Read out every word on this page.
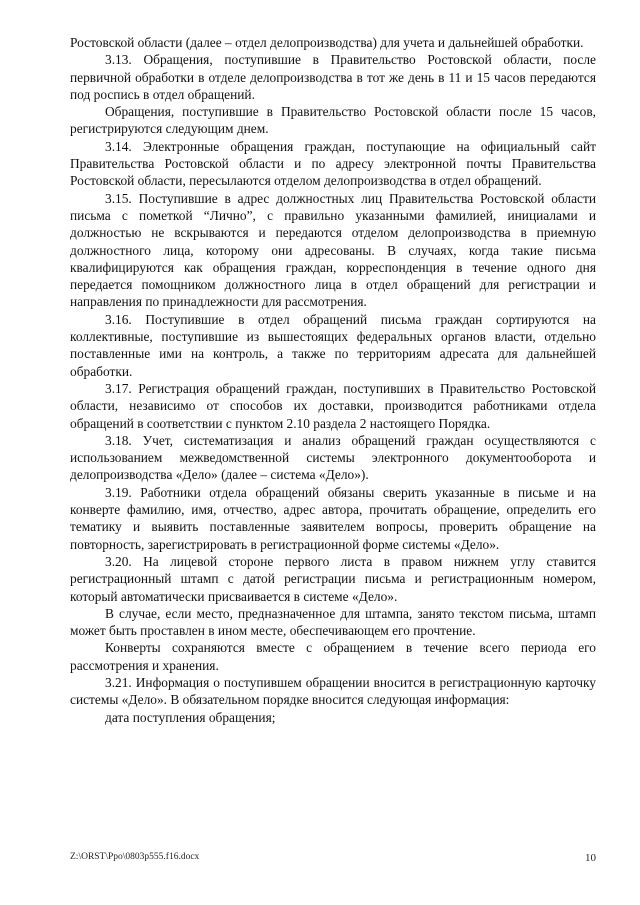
Ростовской области (далее – отдел делопроизводства) для учета и дальнейшей обработки.

3.13. Обращения, поступившие в Правительство Ростовской области, после первичной обработки в отделе делопроизводства в тот же день в 11 и 15 часов передаются под роспись в отдел обращений.

Обращения, поступившие в Правительство Ростовской области после 15 часов, регистрируются следующим днем.

3.14. Электронные обращения граждан, поступающие на официальный сайт Правительства Ростовской области и по адресу электронной почты Правительства Ростовской области, пересылаются отделом делопроизводства в отдел обращений.

3.15. Поступившие в адрес должностных лиц Правительства Ростовской области письма с пометкой “Лично”, с правильно указанными фамилией, инициалами и должностью не вскрываются и передаются отделом делопроизводства в приемную должностного лица, которому они адресованы. В случаях, когда такие письма квалифицируются как обращения граждан, корреспонденция в течение одного дня передается помощником должностного лица в отдел обращений для регистрации и направления по принадлежности для рассмотрения.

3.16. Поступившие в отдел обращений письма граждан сортируются на коллективные, поступившие из вышестоящих федеральных органов власти, отдельно поставленные ими на контроль, а также по территориям адресата для дальнейшей обработки.

3.17. Регистрация обращений граждан, поступивших в Правительство Ростовской области, независимо от способов их доставки, производится работниками отдела обращений в соответствии с пунктом 2.10 раздела 2 настоящего Порядка.

3.18. Учет, систематизация и анализ обращений граждан осуществляются с использованием межведомственной системы электронного документооборота и делопроизводства «Дело» (далее – система «Дело»).

3.19. Работники отдела обращений обязаны сверить указанные в письме и на конверте фамилию, имя, отчество, адрес автора, прочитать обращение, определить его тематику и выявить поставленные заявителем вопросы, проверить обращение на повторность, зарегистрировать в регистрационной форме системы «Дело».

3.20. На лицевой стороне первого листа в правом нижнем углу ставится регистрационный штамп с датой регистрации письма и регистрационным номером, который автоматически присваивается в системе «Дело».

В случае, если место, предназначенное для штампа, занято текстом письма, штамп может быть проставлен в ином месте, обеспечивающем его прочтение.

Конверты сохраняются вместе с обращением в течение всего периода его рассмотрения и хранения.

3.21. Информация о поступившем обращении вносится в регистрационную карточку системы «Дело». В обязательном порядке вносится следующая информация:

дата поступления обращения;

Z:\ORST\Ppo\0803p555.f16.docx	10
